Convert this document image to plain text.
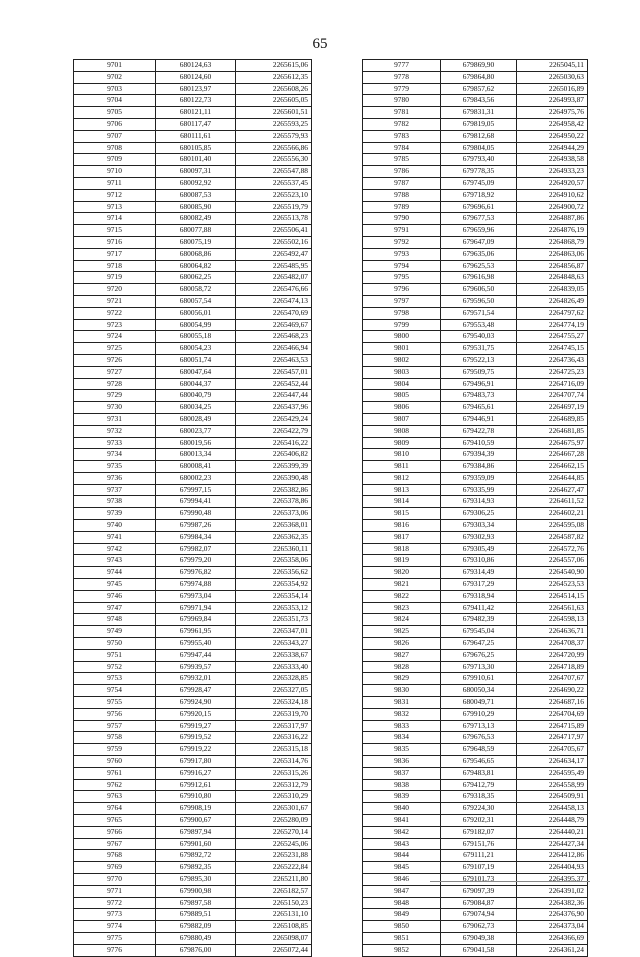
65
9701	680124,63	2265615,06
9702	680124,60	2265612,35
9703	680123,97	2265608,26
9704	680122,73	2265605,05
9705	680121,11	2265601,51
9706	680117,47	2265593,25
9707	680111,61	2265579,93
9708	680105,85	2265566,86
9709	680101,40	2265556,30
9710	680097,31	2265547,88
9711	680092,92	2265537,45
9712	680087,53	2265523,10
9713	680085,90	2265519,79
9714	680082,49	2265513,78
9715	680077,88	2265506,41
9716	680075,19	2265502,16
9717	680068,86	2265492,47
9718	680064,82	2265485,95
9719	680062,25	2265482,07
9720	680058,72	2265476,66
9721	680057,54	2265474,13
9722	680056,01	2265470,69
9723	680054,99	2265469,67
9724	680055,18	2265468,23
9725	680054,23	2265466,94
9726	680051,74	2265463,53
9727	680047,64	2265457,01
9728	680044,37	2265452,44
9729	680040,79	2265447,44
9730	680034,25	2265437,96
9731	680028,49	2265429,24
9732	680023,77	2265422,79
9733	680019,56	2265416,22
9734	680013,34	2265406,82
9735	680008,41	2265399,39
9736	680002,23	2265390,48
9737	679997,15	2265382,86
9738	679994,41	2265378,86
9739	679990,48	2265373,06
9740	679987,26	2265368,01
9741	679984,34	2265362,35
9742	679982,07	2265360,11
9743	679979,20	2265358,06
9744	679976,82	2265356,62
9745	679974,88	2265354,92
9746	679973,04	2265354,14
9747	679971,94	2265353,12
9748	679969,84	2265351,73
9749	679961,95	2265347,01
9750	679955,40	2265343,27
9751	679947,44	2265338,67
9752	679939,57	2265333,40
9753	679932,01	2265328,85
9754	679928,47	2265327,05
9755	679924,90	2265324,18
9756	679920,15	2265319,70
9757	679919,27	2265317,97
9758	679919,52	2265316,22
9759	679919,22	2265315,18
9760	679917,80	2265314,76
9761	679916,27	2265315,26
9762	679912,61	2265312,79
9763	679910,80	2265310,29
9764	679908,19	2265301,67
9765	679900,67	2265280,09
9766	679897,94	2265270,14
9767	679901,60	2265245,06
9768	679892,72	2265231,88
9769	679892,35	2265222,84
9770	679895,30	2265211,80
9771	679900,98	2265182,57
9772	679897,58	2265150,23
9773	679889,51	2265131,10
9774	679882,09	2265108,85
9775	679880,49	2265098,07
9776	679876,00	2265072,44
9777	679869,90	2265045,11
9778	679864,80	2265030,63
9779	679857,62	2265016,89
9780	679843,56	2264993,87
9781	679831,31	2264975,76
9782	679819,05	2264958,42
9783	679812,68	2264950,22
9784	679804,05	2264944,29
9785	679793,40	2264938,58
9786	679778,35	2264933,23
9787	679745,09	2264920,57
9788	679718,92	2264910,62
9789	679696,61	2264900,72
9790	679677,53	2264887,86
9791	679659,96	2264876,19
9792	679647,09	2264868,79
9793	679635,06	2264863,06
9794	679625,53	2264856,87
9795	679616,98	2264848,63
9796	679606,50	2264839,05
9797	679596,50	2264826,49
9798	679571,54	2264797,62
9799	679553,48	2264774,19
9800	679540,03	2264755,27
9801	679531,75	2264745,15
9802	679522,13	2264736,43
9803	679509,75	2264725,23
9804	679496,91	2264716,09
9805	679483,73	2264707,74
9806	679465,61	2264697,19
9807	679446,91	2264689,85
9808	679422,78	2264681,85
9809	679410,59	2264675,97
9810	679394,39	2264667,28
9811	679384,86	2264662,15
9812	679359,09	2264644,85
9813	679335,99	2264627,47
9814	679314,93	2264611,52
9815	679306,25	2264602,21
9816	679303,34	2264595,08
9817	679302,93	2264587,82
9818	679305,49	2264572,76
9819	679310,86	2264557,06
9820	679314,49	2264540,90
9821	679317,29	2264523,53
9822	679318,94	2264514,15
9823	679411,42	2264561,63
9824	679482,39	2264598,13
9825	679545,04	2264636,71
9826	679647,25	2264708,37
9827	679676,25	2264720,99
9828	679713,30	2264718,89
9829	679910,61	2264707,67
9830	680050,34	2264690,22
9831	680049,71	2264687,16
9832	679910,29	2264704,69
9833	679713,13	2264715,89
9834	679676,53	2264717,97
9835	679648,59	2264705,67
9836	679546,65	2264634,17
9837	679483,81	2264595,49
9838	679412,79	2264558,99
9839	679318,35	2264509,91
9840	679224,30	2264458,13
9841	679202,31	2264448,79
9842	679182,07	2264440,21
9843	679151,76	2264427,34
9844	679111,21	2264412,86
9845	679107,19	2264404,93
9846	679101,73	2264395,37
9847	679097,39	2264391,02
9848	679084,87	2264382,36
9849	679074,94	2264376,90
9850	679062,73	2264373,04
9851	679049,38	2264366,69
9852	679041,58	2264361,24
